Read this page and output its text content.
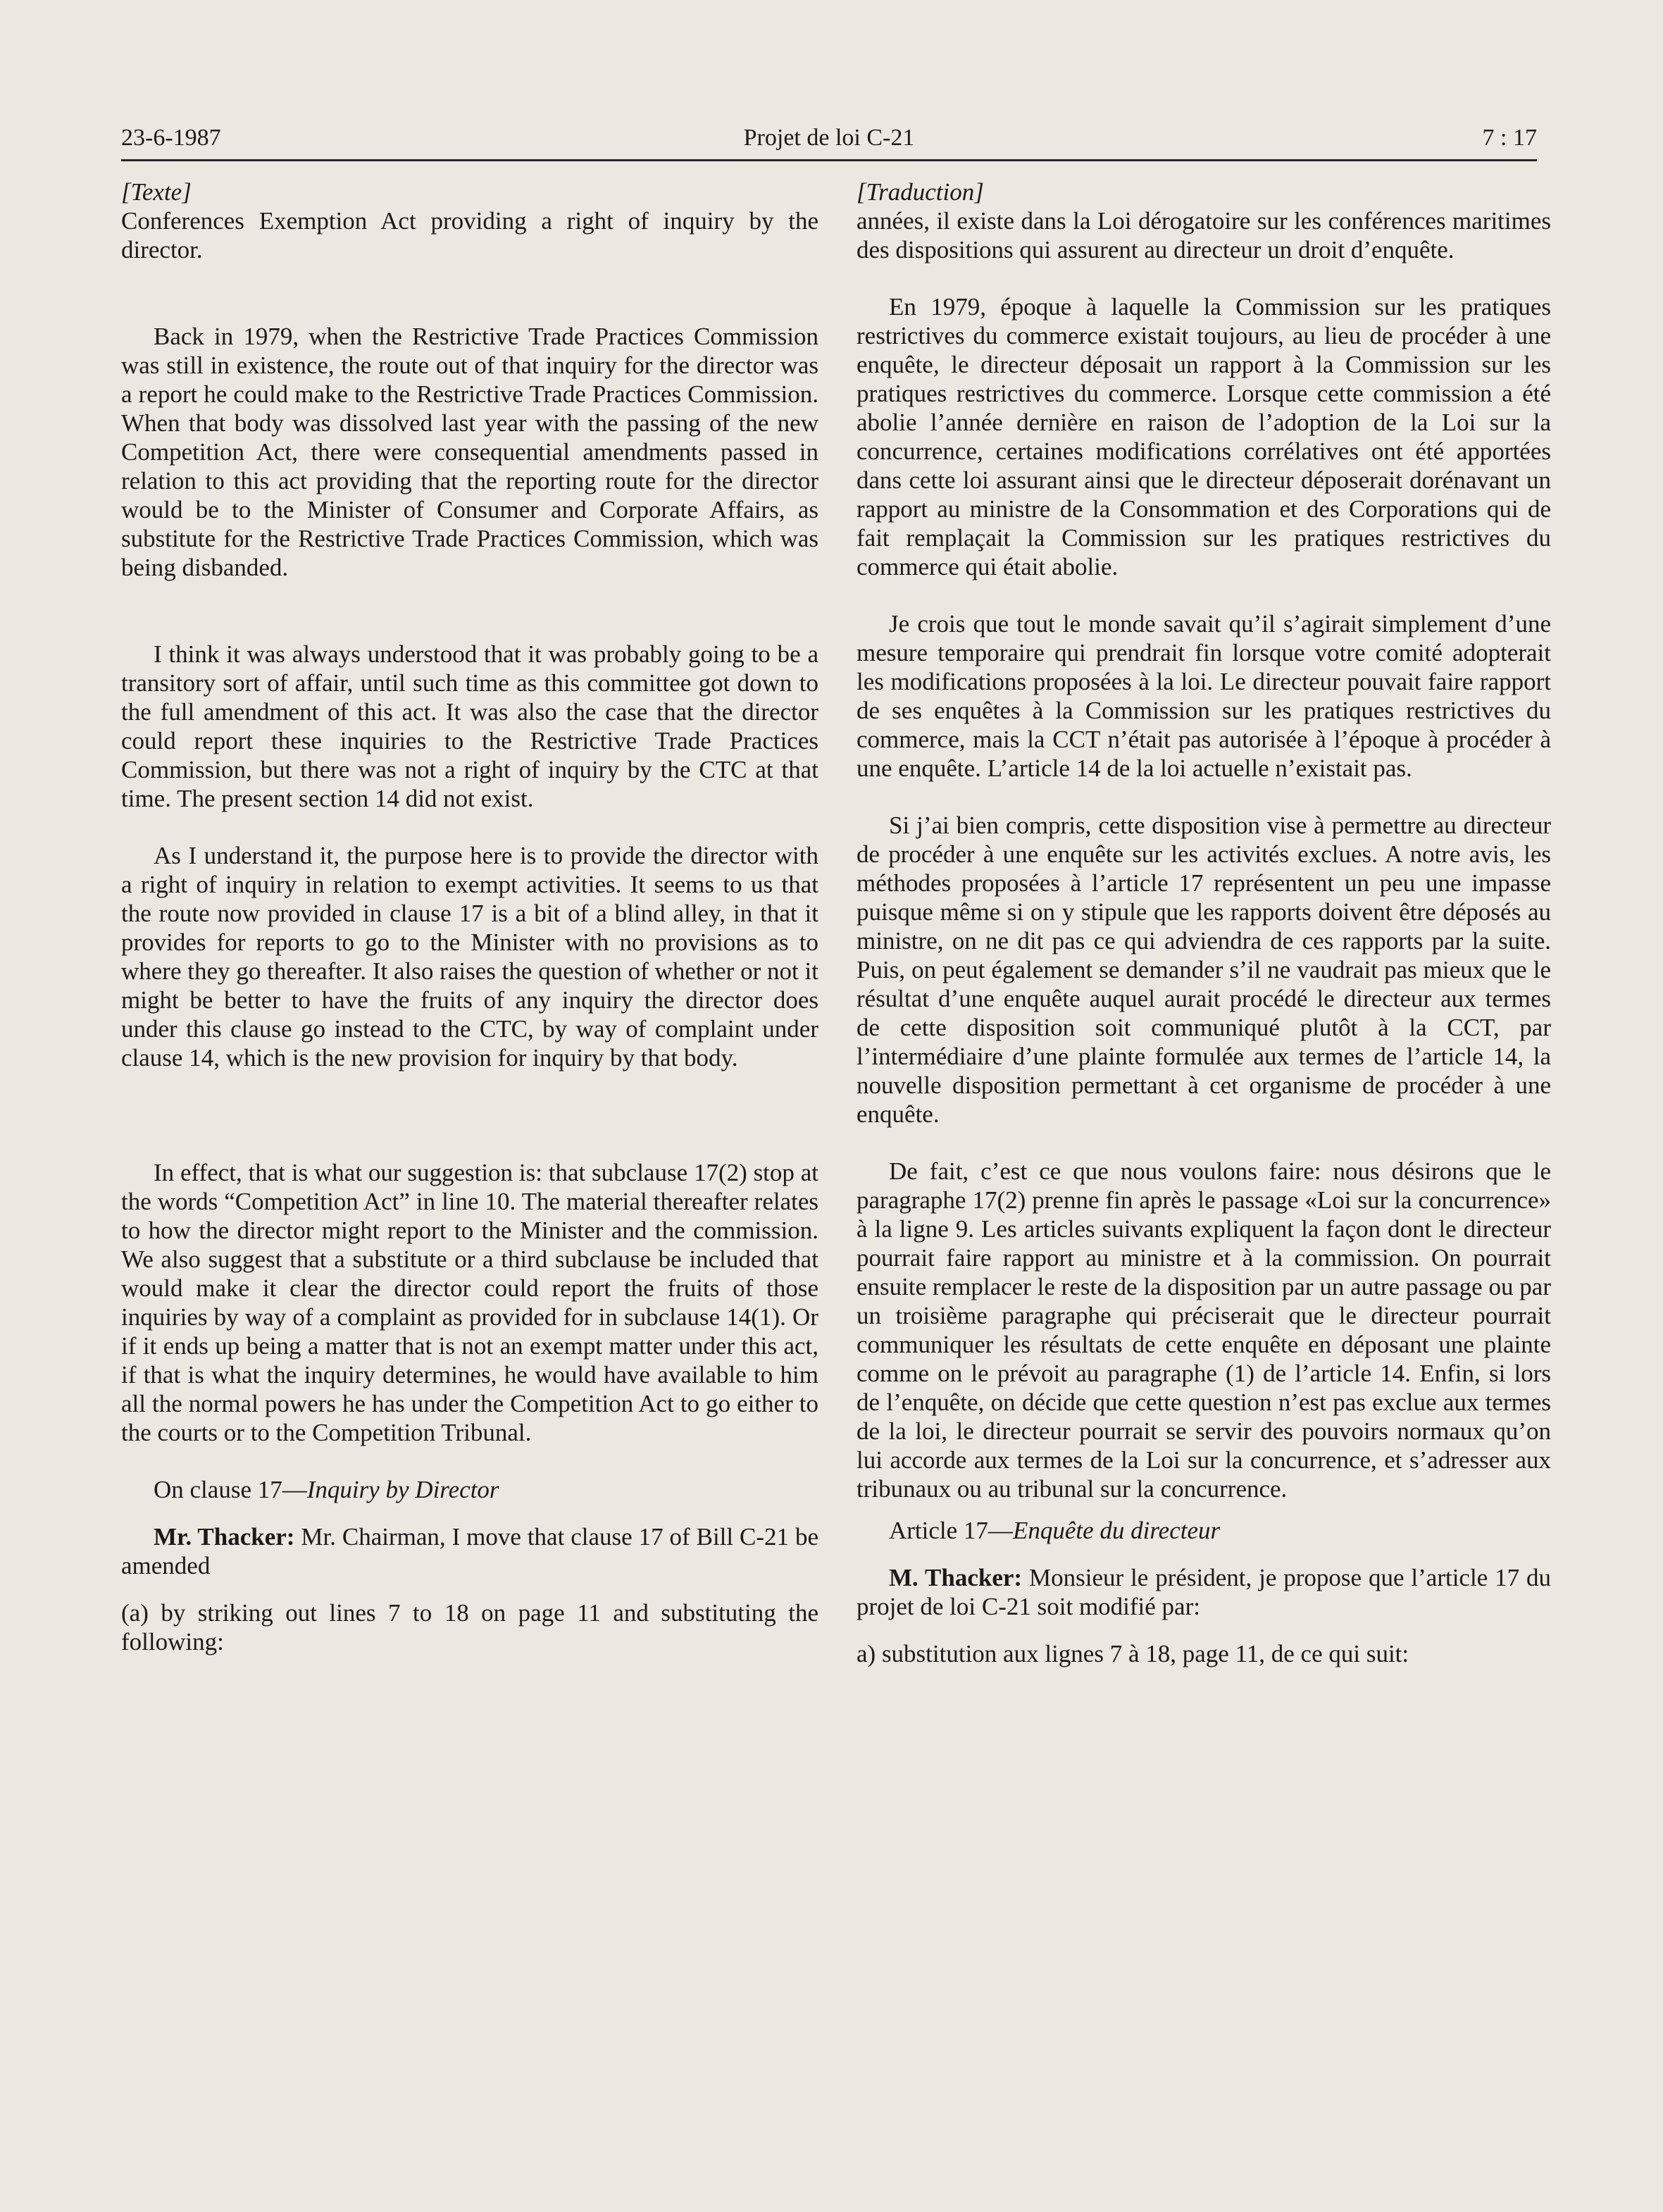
23-6-1987	Projet de loi C-21	7 : 17

[Texte]

Conferences Exemption Act providing a right of inquiry by the director.

Back in 1979, when the Restrictive Trade Practices Commission was still in existence, the route out of that inquiry for the director was a report he could make to the Restrictive Trade Practices Commission. When that body was dissolved last year with the passing of the new Competition Act, there were consequential amendments passed in relation to this act providing that the reporting route for the director would be to the Minister of Consumer and Corporate Affairs, as substitute for the Restrictive Trade Practices Commission, which was being disbanded.

I think it was always understood that it was probably going to be a transitory sort of affair, until such time as this committee got down to the full amendment of this act. It was also the case that the director could report these inquiries to the Restrictive Trade Practices Commission, but there was not a right of inquiry by the CTC at that time. The present section 14 did not exist.

As I understand it, the purpose here is to provide the director with a right of inquiry in relation to exempt activities. It seems to us that the route now provided in clause 17 is a bit of a blind alley, in that it provides for reports to go to the Minister with no provisions as to where they go thereafter. It also raises the question of whether or not it might be better to have the fruits of any inquiry the director does under this clause go instead to the CTC, by way of complaint under clause 14, which is the new provision for inquiry by that body.

In effect, that is what our suggestion is: that subclause 17(2) stop at the words “Competition Act” in line 10. The material thereafter relates to how the director might report to the Minister and the commission. We also suggest that a substitute or a third subclause be included that would make it clear the director could report the fruits of those inquiries by way of a complaint as provided for in subclause 14(1). Or if it ends up being a matter that is not an exempt matter under this act, if that is what the inquiry determines, he would have available to him all the normal powers he has under the Competition Act to go either to the courts or to the Competition Tribunal.

On clause 17—Inquiry by Director

Mr. Thacker: Mr. Chairman, I move that clause 17 of Bill C-21 be amended

(a) by striking out lines 7 to 18 on page 11 and substituting the following:

[Traduction]

années, il existe dans la Loi dérogatoire sur les conférences maritimes des dispositions qui assurent au directeur un droit d’enquête.

En 1979, époque à laquelle la Commission sur les pratiques restrictives du commerce existait toujours, au lieu de procéder à une enquête, le directeur déposait un rapport à la Commission sur les pratiques restrictives du commerce. Lorsque cette commission a été abolie l’année dernière en raison de l’adoption de la Loi sur la concurrence, certaines modifications corrélatives ont été apportées dans cette loi assurant ainsi que le directeur déposerait dorénavant un rapport au ministre de la Consommation et des Corporations qui de fait remplaçait la Commission sur les pratiques restrictives du commerce qui était abolie.

Je crois que tout le monde savait qu’il s’agirait simplement d’une mesure temporaire qui prendrait fin lorsque votre comité adopterait les modifications proposées à la loi. Le directeur pouvait faire rapport de ses enquêtes à la Commission sur les pratiques restrictives du commerce, mais la CCT n’était pas autorisée à l’époque à procéder à une enquête. L’article 14 de la loi actuelle n’existait pas.

Si j’ai bien compris, cette disposition vise à permettre au directeur de procéder à une enquête sur les activités exclues. A notre avis, les méthodes proposées à l’article 17 représentent un peu une impasse puisque même si on y stipule que les rapports doivent être déposés au ministre, on ne dit pas ce qui adviendra de ces rapports par la suite. Puis, on peut également se demander s’il ne vaudrait pas mieux que le résultat d’une enquête auquel aurait procédé le directeur aux termes de cette disposition soit communiqué plutôt à la CCT, par l’intermédiaire d’une plainte formulée aux termes de l’article 14, la nouvelle disposition permettant à cet organisme de procéder à une enquête.

De fait, c’est ce que nous voulons faire: nous désirons que le paragraphe 17(2) prenne fin après le passage «Loi sur la concurrence» à la ligne 9. Les articles suivants expliquent la façon dont le directeur pourrait faire rapport au ministre et à la commission. On pourrait ensuite remplacer le reste de la disposition par un autre passage ou par un troisième paragraphe qui préciserait que le directeur pourrait communiquer les résultats de cette enquête en déposant une plainte comme on le prévoit au paragraphe (1) de l’article 14. Enfin, si lors de l’enquête, on décide que cette question n’est pas exclue aux termes de la loi, le directeur pourrait se servir des pouvoirs normaux qu’on lui accorde aux termes de la Loi sur la concurrence, et s’adresser aux tribunaux ou au tribunal sur la concurrence.

Article 17—Enquête du directeur

M. Thacker: Monsieur le président, je propose que l’article 17 du projet de loi C-21 soit modifié par:

a) substitution aux lignes 7 à 18, page 11, de ce qui suit:
